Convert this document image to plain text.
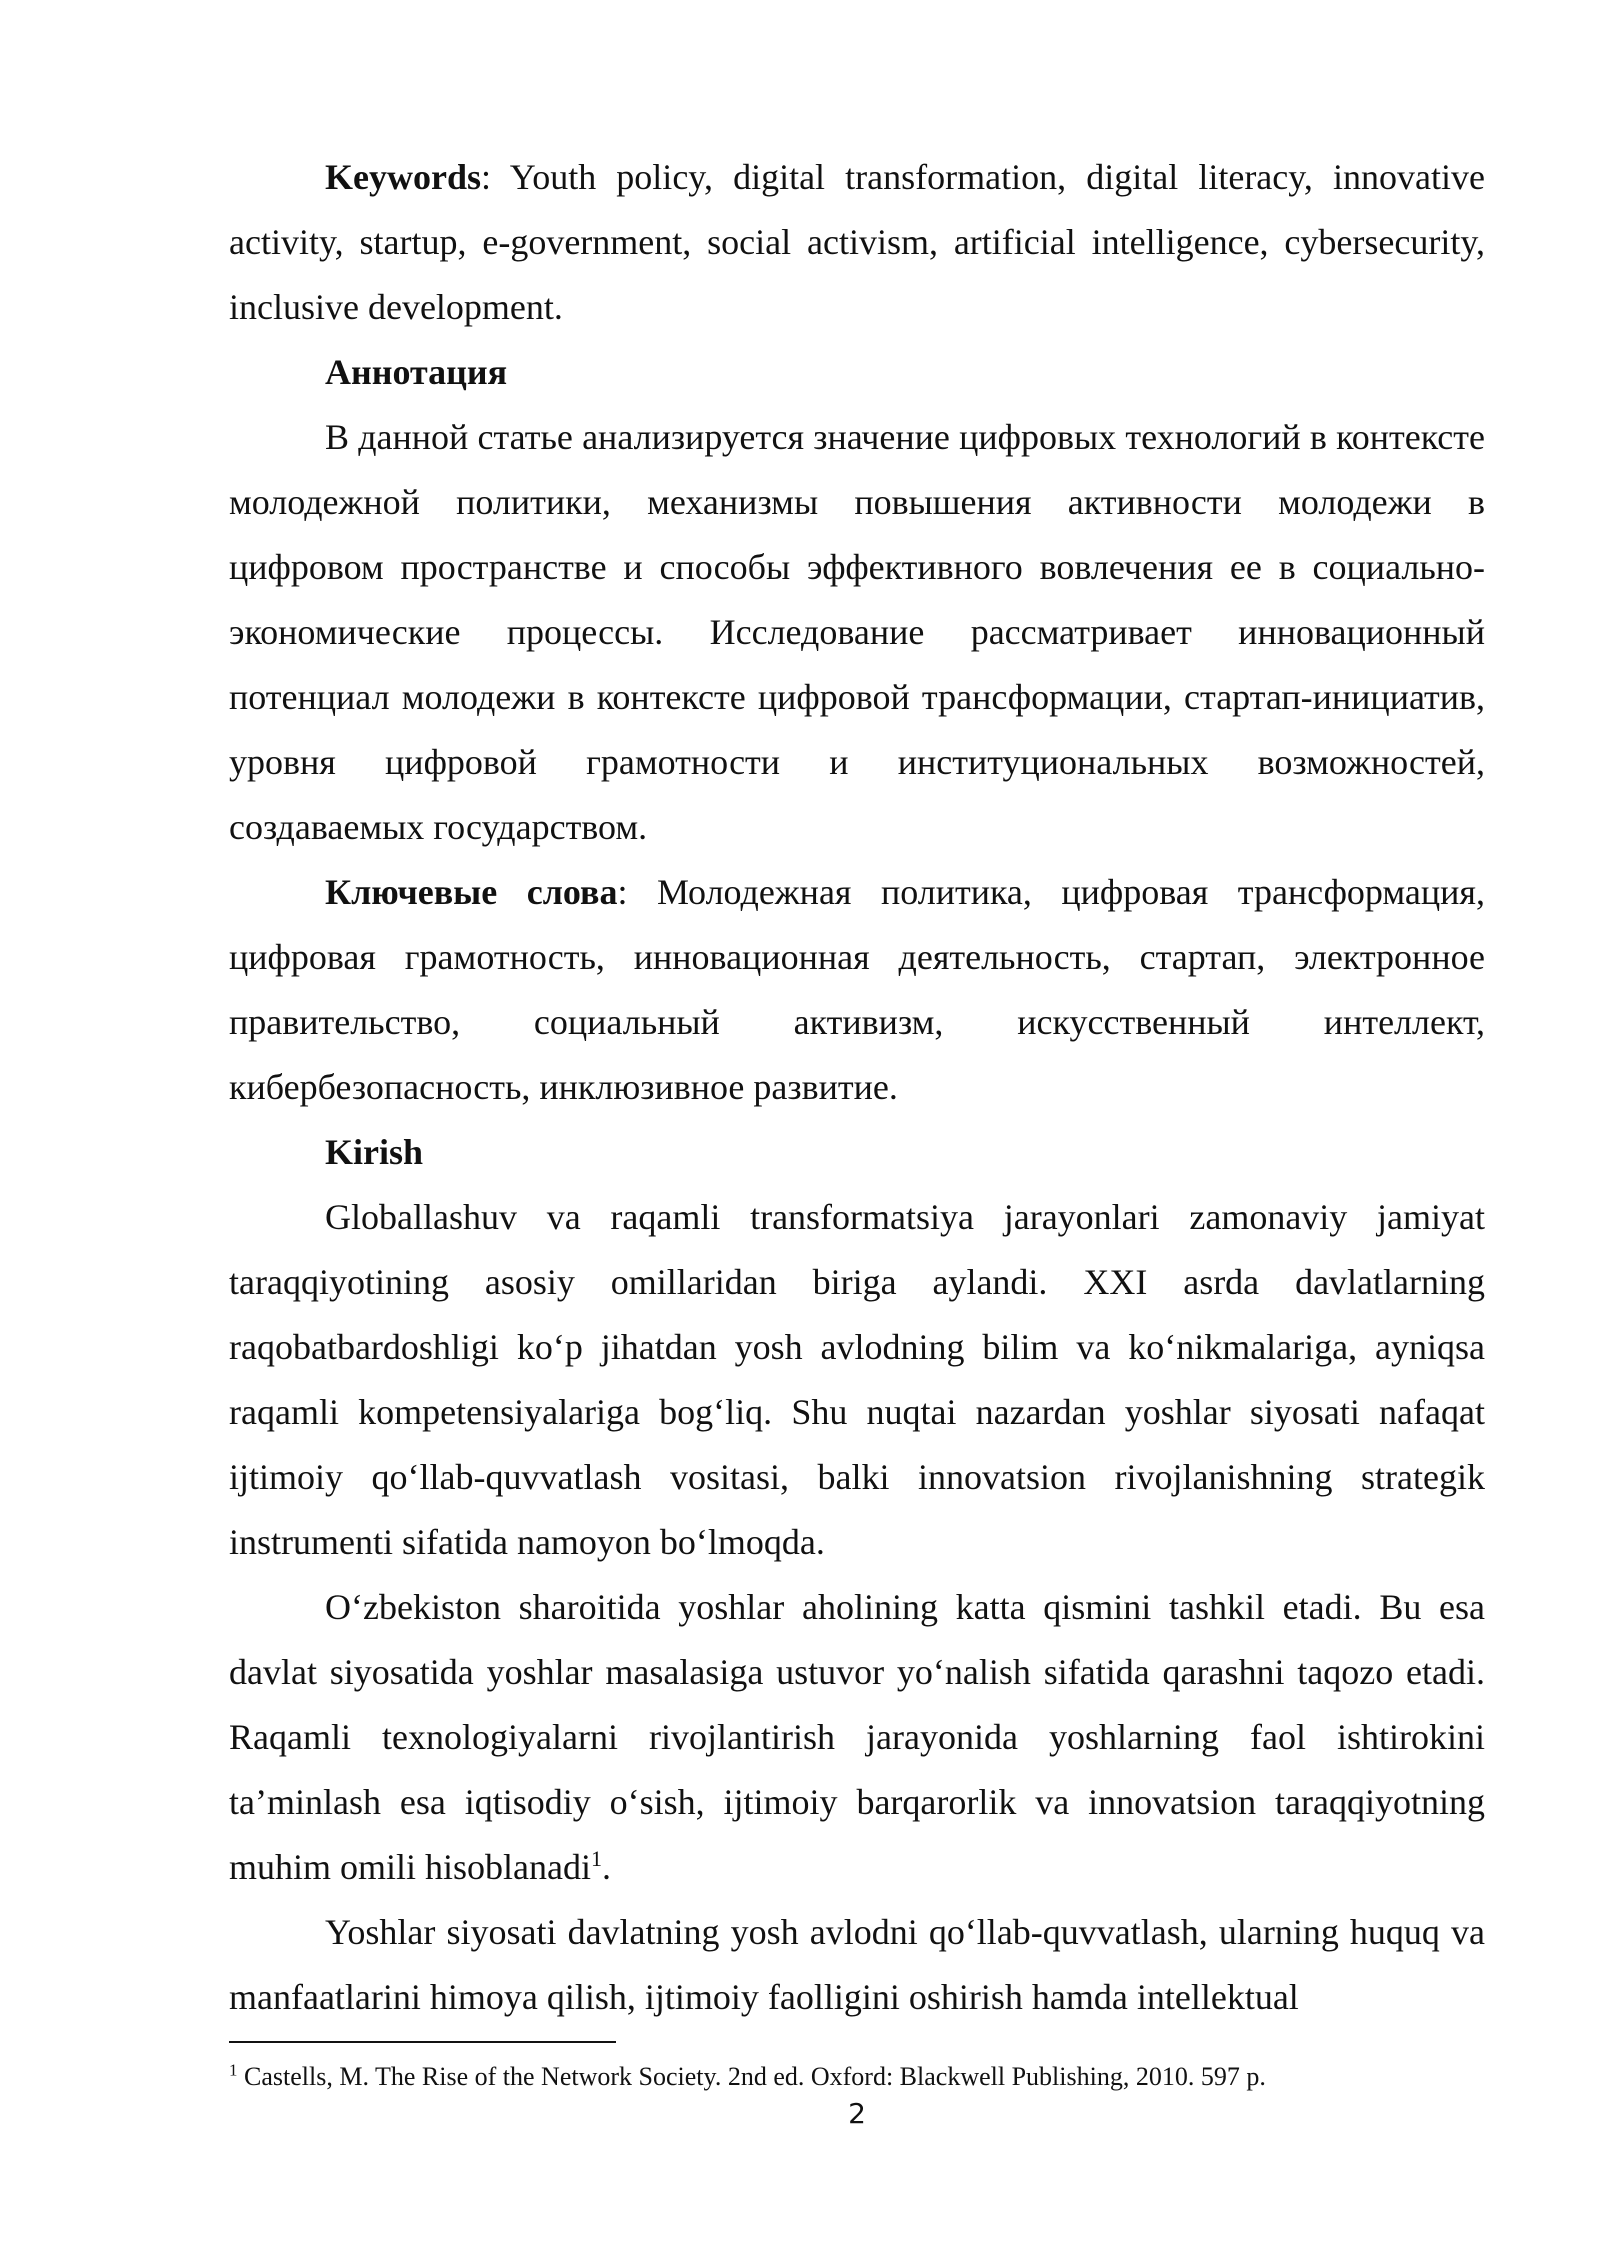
Keywords: Youth policy, digital transformation, digital literacy, innovative activity, startup, e-government, social activism, artificial intelligence, cybersecurity, inclusive development.

Аннотация

В данной статье анализируется значение цифровых технологий в контексте молодежной политики, механизмы повышения активности молодежи в цифровом пространстве и способы эффективного вовлечения ее в социально-экономические процессы. Исследование рассматривает инновационный потенциал молодежи в контексте цифровой трансформации, стартап-инициатив, уровня цифровой грамотности и институциональных возможностей, создаваемых государством.

Ключевые слова: Молодежная политика, цифровая трансформация, цифровая грамотность, инновационная деятельность, стартап, электронное правительство, социальный активизм, искусственный интеллект, кибербезопасность, инклюзивное развитие.

Kirish

Globallashuv va raqamli transformatsiya jarayonlari zamonaviy jamiyat taraqqiyotining asosiy omillaridan biriga aylandi. XXI asrda davlatlarning raqobatbardoshligi ko‘p jihatdan yosh avlodning bilim va ko‘nikmalariga, ayniqsa raqamli kompetensiyalariga bog‘liq. Shu nuqtai nazardan yoshlar siyosati nafaqat ijtimoiy qo‘llab-quvvatlash vositasi, balki innovatsion rivojlanishning strategik instrumenti sifatida namoyon bo‘lmoqda.

O‘zbekiston sharoitida yoshlar aholining katta qismini tashkil etadi. Bu esa davlat siyosatida yoshlar masalasiga ustuvor yo‘nalish sifatida qarashni taqozo etadi. Raqamli texnologiyalarni rivojlantirish jarayonida yoshlarning faol ishtirokini ta’minlash esa iqtisodiy o‘sish, ijtimoiy barqarorlik va innovatsion taraqqiyotning muhim omili hisoblanadi$^1$.

Yoshlar siyosati davlatning yosh avlodni qo‘llab-quvvatlash, ularning huquq va manfaatlarini himoya qilish, ijtimoiy faolligini oshirish hamda intellektual

$^1$ Castells, M. The Rise of the Network Society. 2nd ed. Oxford: Blackwell Publishing, 2010. 597 p.

2
